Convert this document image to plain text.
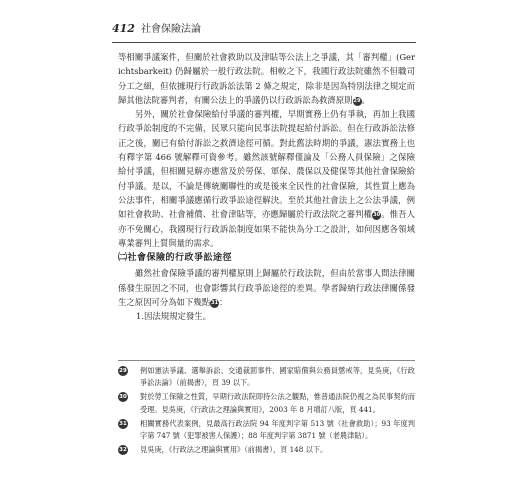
412 社會保險法論

等相關爭議案件，但關於社會救助以及津貼等公法上之爭議，其「審判權」(Gerichtsbarkeit) 仍歸屬於一般行政法院。相較之下，我國行政法院雖然不但職司分工之細，但依據現行行政訴訟法第 2 條之規定，除非是因為特別法律之規定而歸其他法院審判者，有關公法上的爭議仍以行政訴訟為救濟原則$^{29}$。

另外，關於社會保險給付爭議的審判權，早期實務上仍有爭執，再加上我國行政爭訟制度的不完備，民眾只能向民事法院提起給付訴訟。但在行政訴訟法修正之後，關已有給付訴訟之救濟途徑可循。對此舊法時期的爭議，憲法實務上也有釋字第 466 號解釋可資參考。雖然該號解釋僅論及「公務人員保險」之保險給付爭議，但相關見解亦應當及於勞保、軍保、農保以及健保等其他社會保險給付爭議。是以，不論是傳統關聯性的或是後來全民性的社會保險，其性質上應為公法事件，相關爭議應循行政爭訟途徑解決。至於其他社會法上之公法爭議，例如社會救助、社會補償、社會津貼等，亦應歸屬於行政法院之審判權$^{30}$。惟吾人亦不免關心，我國現行行政訴訟制度如果不能快為分工之設計，如何因應各領域專業審判上質與量的需求。

㈡社會保險的行政爭訟途徑

雖然社會保險爭議的審判權原則上歸屬於行政法院，但由於當事人間法律關係發生原因之不同，也會影響其行政爭訟途徑的差異。學者歸納行政法律關係發生之原因可分為如下幾點$^{31}$：

1.因法規規定發生。

29 例如憲法爭議、選舉訴訟、交通裁罰事件、國家賠償與公務員懲戒等，見吳庚，《行政爭訟法論》（前揭書），頁 39 以下。
30 對於勞工保險之性質，早期行政法院即持公法之觀點，惟普通法院仍視之為民事契約而受理。見吳庚，《行政法之理論與實用》，2003 年 8 月增訂八版，頁 441。
31 相關實務代表案例，見最高行政法院 94 年度判字第 513 號（社會救助）；93 年度判字第 747 號（犯罪被害人保護）；88 年度判字第 3871 號（老農津貼）。
32 見吳庚，《行政法之理論與實用》（前揭書），頁 148 以下。
